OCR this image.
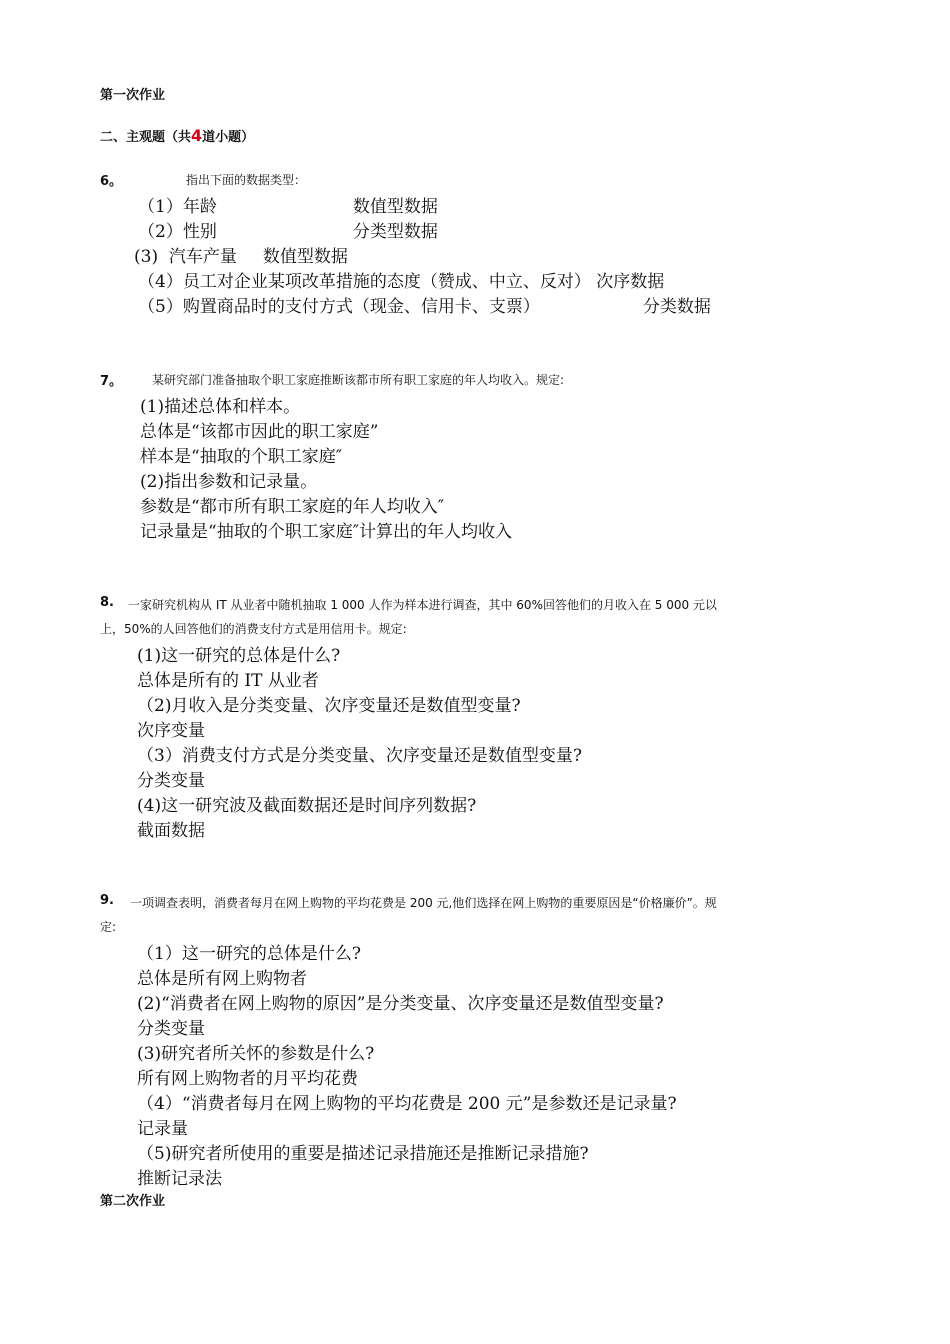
第一次作业
二、主观题（共4道小题）
6。	指出下面的数据类型：
（1）年龄	数值型数据
（2）性别	分类型数据
(3) 汽车产量 数值型数据
（4）员工对企业某项改革措施的态度（赞成、中立、反对） 次序数据
（5）购置商品时的支付方式（现金、信用卡、支票）	分类数据
7。 某研究部门准备抽取个职工家庭推断该都市所有职工家庭的年人均收入。规定:
(1)描述总体和样本。
总体是“该都市因此的职工家庭”
样本是“抽取的个职工家庭″
(2)指出参数和记录量。
参数是“都市所有职工家庭的年人均收入″
记录量是“抽取的个职工家庭″计算出的年人均收入
8. 一家研究机构从 IT 从业者中随机抽取 1 000 人作为样本进行调查，其中 60%回答他们的月收入在 5 000 元以
上，50%的人回答他们的消费支付方式是用信用卡。规定:
(1)这一研究的总体是什么?
总体是所有的 IT 从业者
（2)月收入是分类变量、次序变量还是数值型变量?
次序变量
（3）消费支付方式是分类变量、次序变量还是数值型变量?
分类变量
(4)这一研究波及截面数据还是时间序列数据?
截面数据
9. 一项调查表明，消费者每月在网上购物的平均花费是 200 元,他们选择在网上购物的重要原因是“价格廉价”。规
定:
（1）这一研究的总体是什么?
总体是所有网上购物者
(2)“消费者在网上购物的原因”是分类变量、次序变量还是数值型变量?
分类变量
(3)研究者所关怀的参数是什么?
所有网上购物者的月平均花费
（4）“消费者每月在网上购物的平均花费是 200 元”是参数还是记录量?
记录量
（5)研究者所使用的重要是描述记录措施还是推断记录措施?
推断记录法
第二次作业
